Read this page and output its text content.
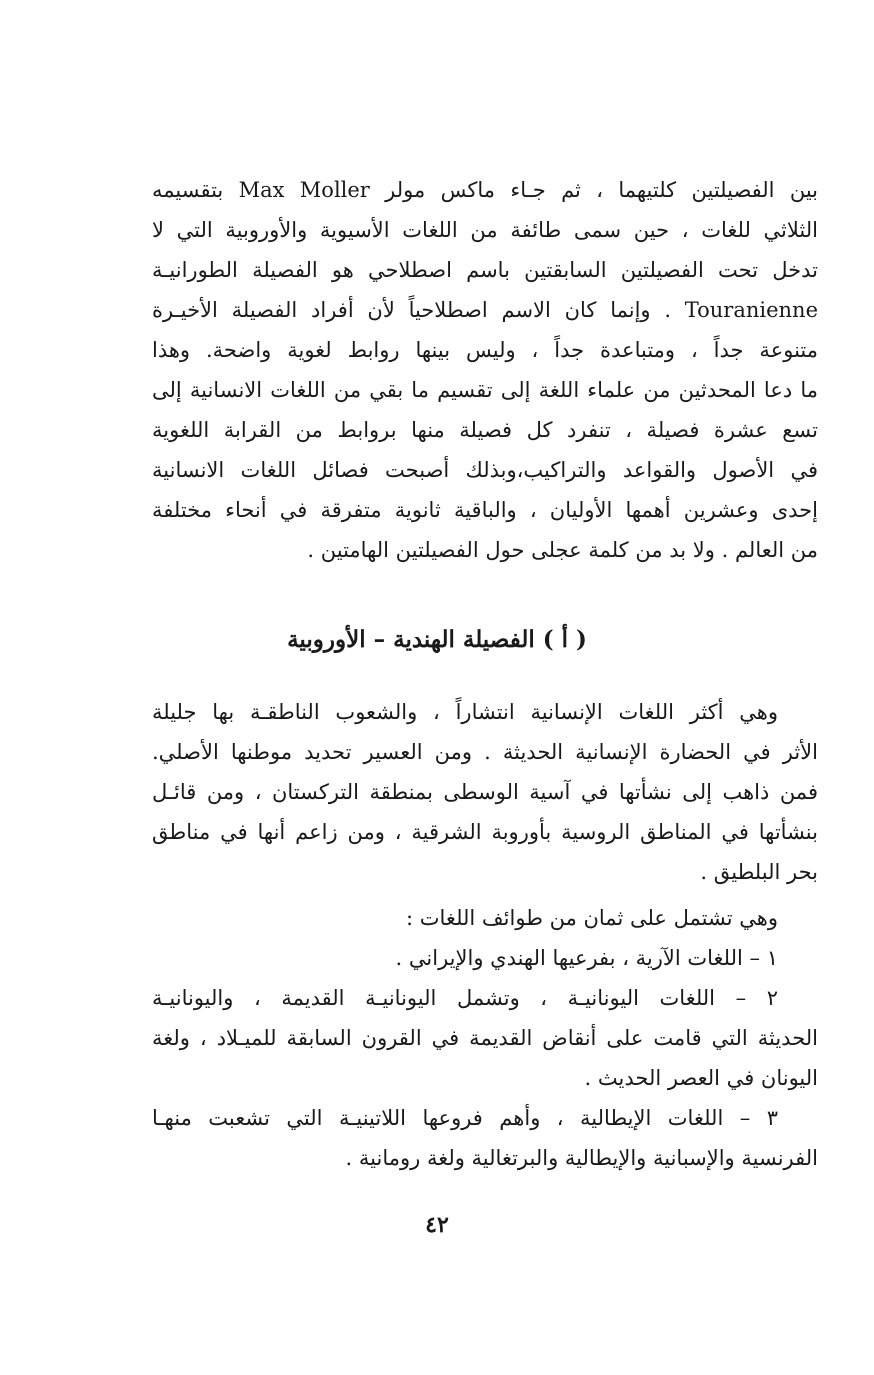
بين الفصيلتين كلتيهما ، ثم جـاء ماكس مولر Max Moller بتقسيمه
الثلاثي للغات ، حين سمى طائفة من اللغات الأسيوية والأوروبية التي لا
تدخل تحت الفصيلتين السابقتين باسم اصطلاحي هو الفصيلة الطورانيـة
Touranienne . وإنما كان الاسم اصطلاحياً لأن أفراد الفصيلة الأخيـرة
متنوعة جداً ، ومتباعدة جداً ، وليس بينها روابط لغوية واضحة. وهذا
ما دعا المحدثين من علماء اللغة إلى تقسيم ما بقي من اللغات الانسانية إلى
تسع عشرة فصيلة ، تنفرد كل فصيلة منها بروابط من القرابة اللغوية
في الأصول والقواعد والتراكيب،وبذلك أصبحت فصائل اللغات الانسانية
إحدى وعشرين أهمها الأوليان ، والباقية ثانوية متفرقة في أنحاء مختلفة
من العالم . ولا بد من كلمة عجلى حول الفصيلتين الهامتين .
( أ ) الفصيلة الهندية – الأوروبية
وهي أكثر اللغات الإنسانية انتشاراً ، والشعوب الناطقـة بها جليلة
الأثر في الحضارة الإنسانية الحديثة . ومن العسير تحديد موطنها الأصلي.
فمن ذاهب إلى نشأتها في آسية الوسطى بمنطقة التركستان ، ومن قائـل
بنشأتها في المناطق الروسية بأوروبة الشرقية ، ومن زاعم أنها في مناطق
بحر البلطيق .
وهي تشتمل على ثمان من طوائف اللغات :
١ – اللغات الآرية ، بفرعيها الهندي والإيراني .
٢ – اللغات اليونانيـة ، وتشمل اليونانيـة القديمة ، واليونانيـة
الحديثة التي قامت على أنقاض القديمة في القرون السابقة للميـلاد ، ولغة
اليونان في العصر الحديث .
٣ – اللغات الإيطالية ، وأهم فروعها اللاتينيـة التي تشعبت منهـا
الفرنسية والإسبانية والإيطالية والبرتغالية ولغة رومانية .
٤٢
